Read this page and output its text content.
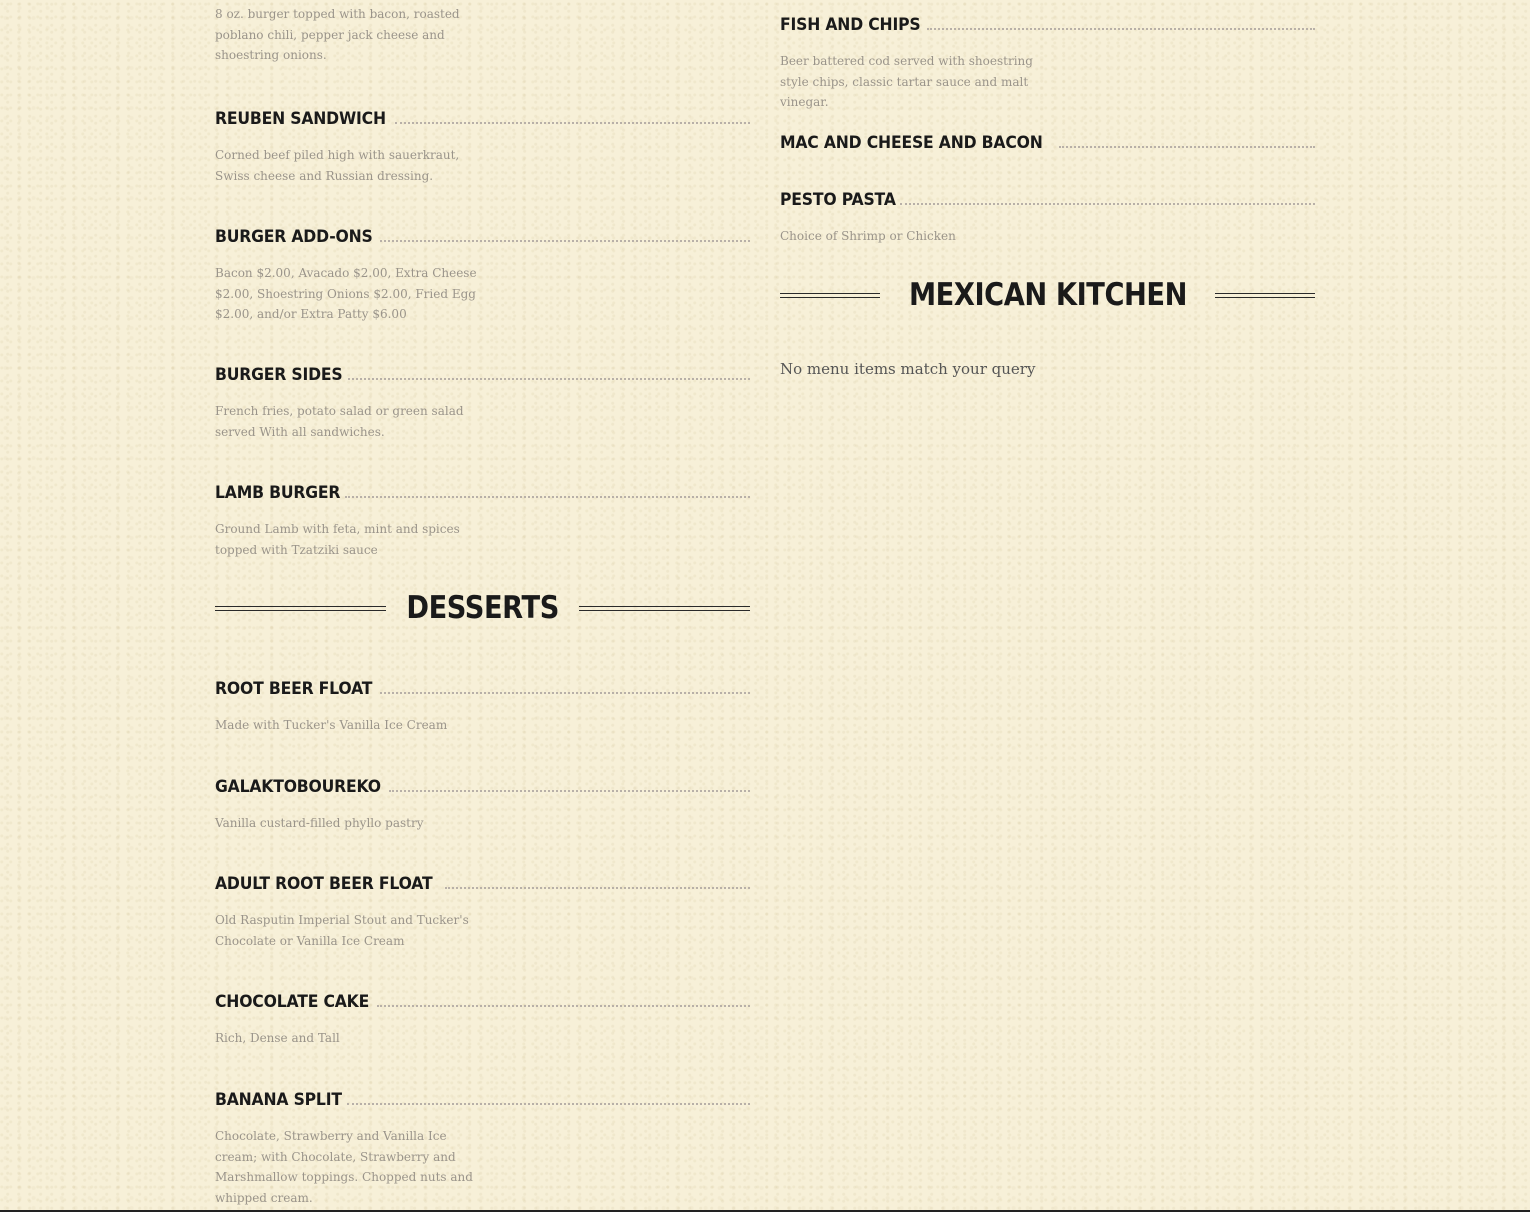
8 oz. burger topped with bacon, roasted poblano chili, pepper jack cheese and shoestring onions.
REUBEN SANDWICH
Corned beef piled high with sauerkraut, Swiss cheese and Russian dressing.
BURGER ADD-ONS
Bacon $2.00, Avacado $2.00, Extra Cheese $2.00, Shoestring Onions $2.00, Fried Egg $2.00, and/or Extra Patty $6.00
BURGER SIDES
French fries, potato salad or green salad served With all sandwiches.
LAMB BURGER
Ground Lamb with feta, mint and spices topped with Tzatziki sauce
DESSERTS
ROOT BEER FLOAT
Made with Tucker's Vanilla Ice Cream
GALAKTOBOUREKO
Vanilla custard-filled phyllo pastry
ADULT ROOT BEER FLOAT
Old Rasputin Imperial Stout and Tucker's Chocolate or Vanilla Ice Cream
CHOCOLATE CAKE
Rich, Dense and Tall
BANANA SPLIT
Chocolate, Strawberry and Vanilla Ice cream; with Chocolate, Strawberry and Marshmallow toppings. Chopped nuts and whipped cream.
FISH AND CHIPS
Beer battered cod served with shoestring style chips, classic tartar sauce and malt vinegar.
MAC AND CHEESE AND BACON
PESTO PASTA
Choice of Shrimp or Chicken
MEXICAN KITCHEN
No menu items match your query
